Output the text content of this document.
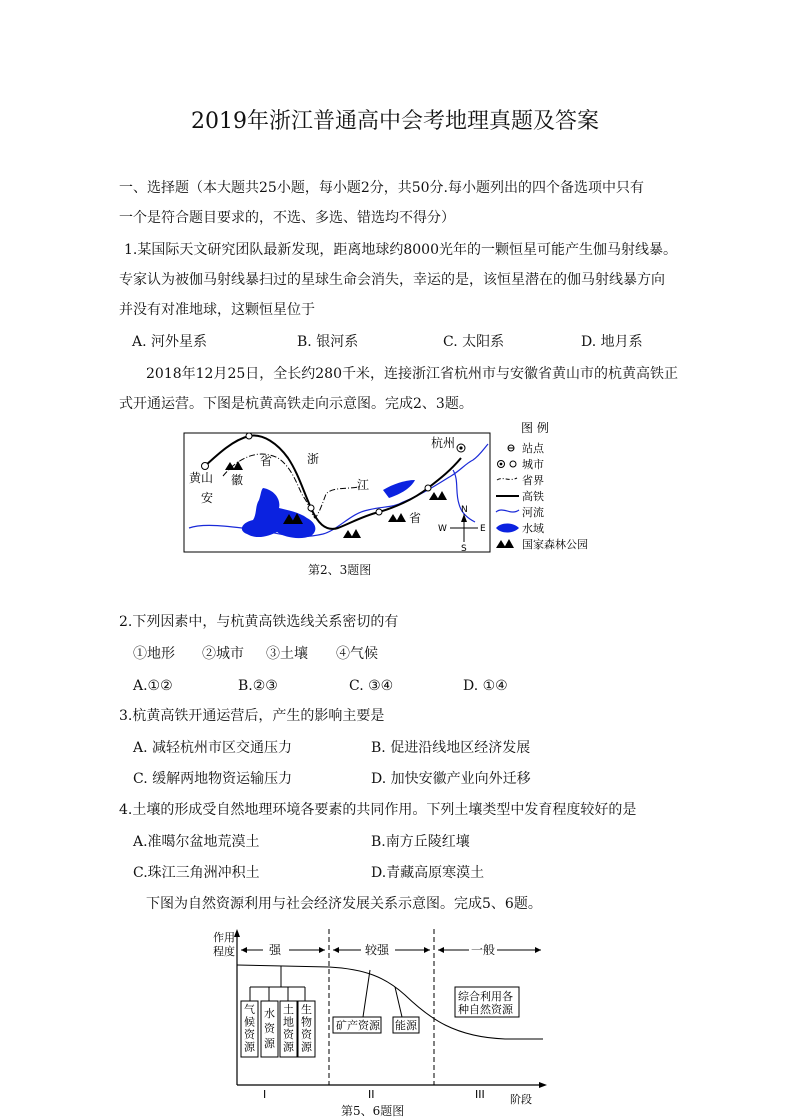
2019年浙江普通高中会考地理真题及答案
一、选择题（本大题共25小题，每小题2分，共50分.每小题列出的四个备选项中只有
一个是符合题目要求的，不选、多选、错选均不得分）
1.某国际天文研究团队最新发现，距离地球约8000光年的一颗恒星可能产生伽马射线暴。
专家认为被伽马射线暴扫过的星球生命会消失，幸运的是，该恒星潜在的伽马射线暴方向
并没有对准地球，这颗恒星位于
A. 河外星系	B. 银河系	C. 太阳系	D. 地月系
2018年12月25日，全长约280千米，连接浙江省杭州市与安徽省黄山市的杭黄高铁正
式开通运营。下图是杭黄高铁走向示意图。完成2、3题。
杭州
黄山
安
徽
省	浙
江
省
N
S
E
W
图 例
站点
城市
省界
高铁
河流
水域
国家森林公园
第2、3题图
2.下列因素中，与杭黄高铁选线关系密切的有
①地形 ②城市 ③土壤 ④气候
A.①②	B.②③	C. ③④	D. ①④
3.杭黄高铁开通运营后，产生的影响主要是
A. 减轻杭州市区交通压力	B. 促进沿线地区经济发展
C. 缓解两地物资运输压力	D. 加快安徽产业向外迁移
4.土壤的形成受自然地理环境各要素的共同作用。下列土壤类型中发育程度较好的是
A.准噶尔盆地荒漠土	B.南方丘陵红壤
C.珠江三角洲冲积土	D.青藏高原寒漠土
下图为自然资源利用与社会经济发展关系示意图。完成5、6题。
作用
程度
阶段
强	较强	一般
矿产资源 能源
综合利用各
种自然资源
I	II	III
气候资源
水资源
土地资源
生物资源
第5、6题图
